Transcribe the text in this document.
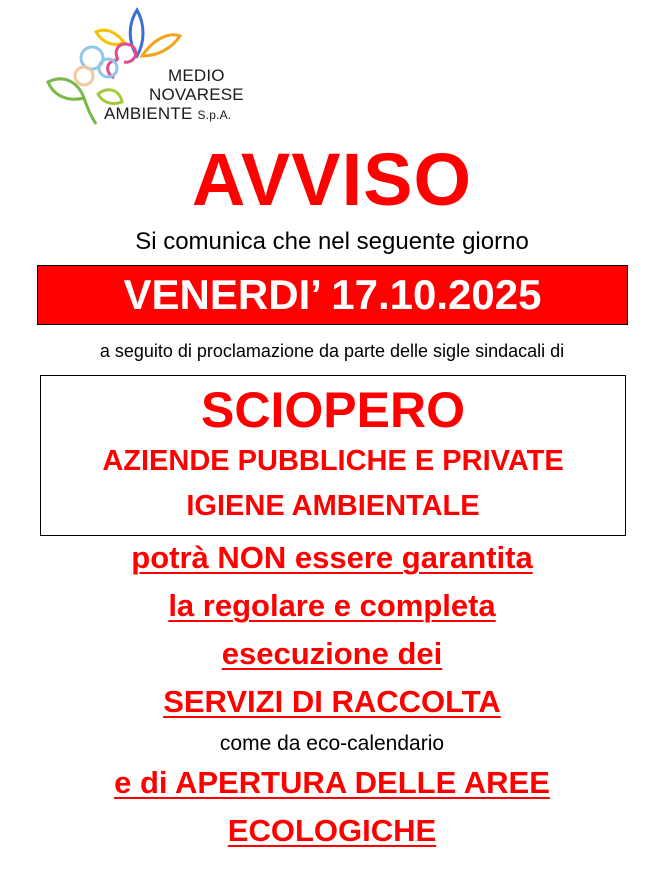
MEDIO
NOVARESE
AMBIENTE S.p.A.
AVVISO
Si comunica che nel seguente giorno
VENERDI’ 17.10.2025
a seguito di proclamazione da parte delle sigle sindacali di
SCIOPERO
AZIENDE PUBBLICHE E PRIVATE
IGIENE AMBIENTALE
potrà NON essere garantita
la regolare e completa
esecuzione dei
SERVIZI DI RACCOLTA
come da eco-calendario
e di APERTURA DELLE AREE
ECOLOGICHE
